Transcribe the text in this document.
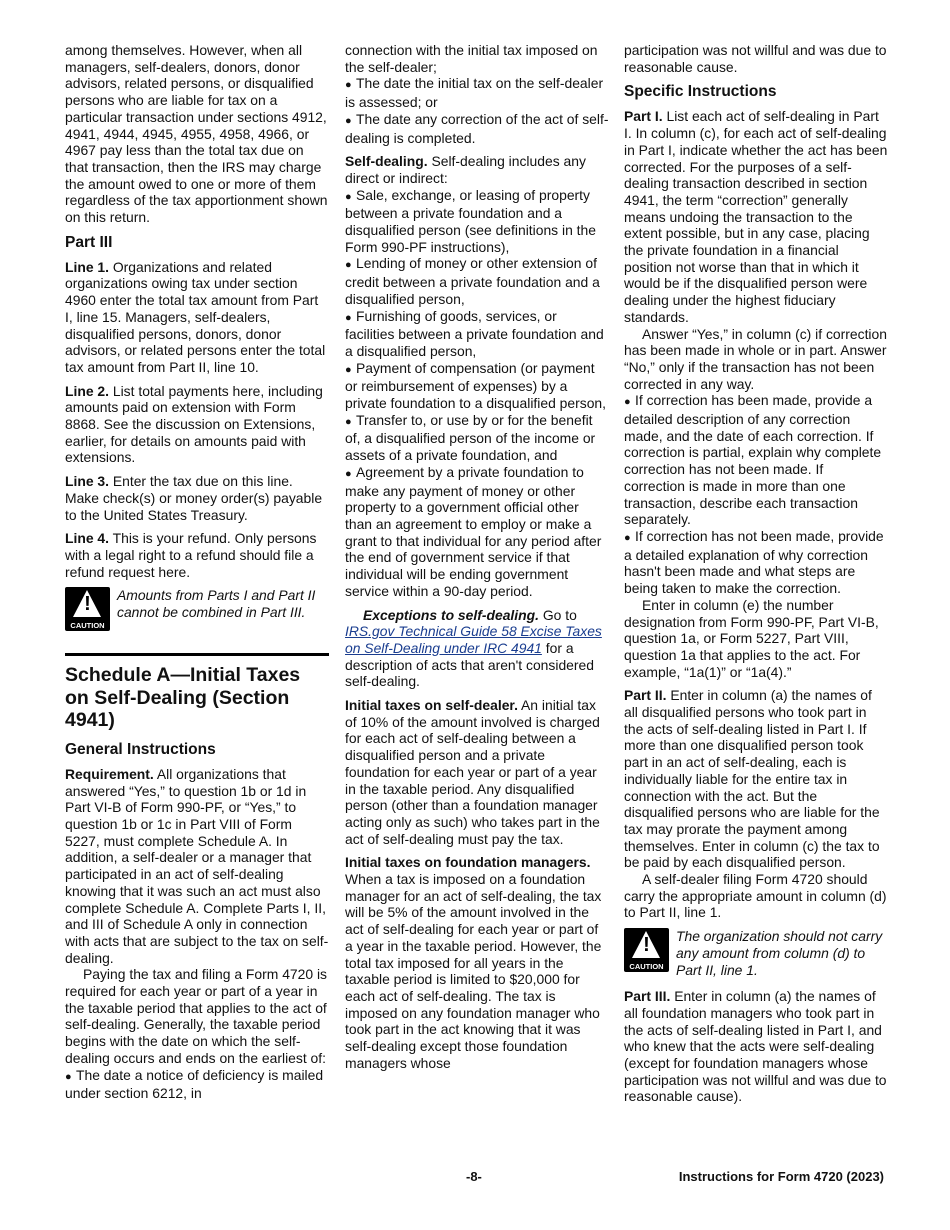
among themselves. However, when all managers, self-dealers, donors, donor advisors, related persons, or disqualified persons who are liable for tax on a particular transaction under sections 4912, 4941, 4944, 4945, 4955, 4958, 4966, or 4967 pay less than the total tax due on that transaction, then the IRS may charge the amount owed to one or more of them regardless of the tax apportionment shown on this return.
Part III
Line 1. Organizations and related organizations owing tax under section 4960 enter the total tax amount from Part I, line 15. Managers, self-dealers, disqualified persons, donors, donor advisors, or related persons enter the total tax amount from Part II, line 10.
Line 2. List total payments here, including amounts paid on extension with Form 8868. See the discussion on Extensions, earlier, for details on amounts paid with extensions.
Line 3. Enter the tax due on this line. Make check(s) or money order(s) payable to the United States Treasury.
Line 4. This is your refund. Only persons with a legal right to a refund should file a refund request here.
!
CAUTION
Amounts from Parts I and Part II cannot be combined in Part III.
Schedule A—Initial Taxes on Self-Dealing (Section 4941)
General Instructions
Requirement. All organizations that answered “Yes,” to question 1b or 1d in Part VI-B of Form 990-PF, or “Yes,” to question 1b or 1c in Part VIII of Form 5227, must complete Schedule A. In addition, a self-dealer or a manager that participated in an act of self-dealing knowing that it was such an act must also complete Schedule A. Complete Parts I, II, and III of Schedule A only in connection with acts that are subject to the tax on self-dealing.
Paying the tax and filing a Form 4720 is required for each year or part of a year in the taxable period that applies to the act of self-dealing. Generally, the taxable period begins with the date on which the self-dealing occurs and ends on the earliest of:
● The date a notice of deficiency is mailed under section 6212, in
connection with the initial tax imposed on the self-dealer;
● The date the initial tax on the self-dealer is assessed; or
● The date any correction of the act of self-dealing is completed.
Self-dealing. Self-dealing includes any direct or indirect:
● Sale, exchange, or leasing of property between a private foundation and a disqualified person (see definitions in the Form 990-PF instructions),
● Lending of money or other extension of credit between a private foundation and a disqualified person,
● Furnishing of goods, services, or facilities between a private foundation and a disqualified person,
● Payment of compensation (or payment or reimbursement of expenses) by a private foundation to a disqualified person,
● Transfer to, or use by or for the benefit of, a disqualified person of the income or assets of a private foundation, and
● Agreement by a private foundation to make any payment of money or other property to a government official other than an agreement to employ or make a grant to that individual for any period after the end of government service if that individual will be ending government service within a 90-day period.
Exceptions to self-dealing. Go to IRS.gov Technical Guide 58 Excise Taxes on Self-Dealing under IRC 4941 for a description of acts that aren't considered self-dealing.
Initial taxes on self-dealer. An initial tax of 10% of the amount involved is charged for each act of self-dealing between a disqualified person and a private foundation for each year or part of a year in the taxable period. Any disqualified person (other than a foundation manager acting only as such) who takes part in the act of self-dealing must pay the tax.
Initial taxes on foundation managers. When a tax is imposed on a foundation manager for an act of self-dealing, the tax will be 5% of the amount involved in the act of self-dealing for each year or part of a year in the taxable period. However, the total tax imposed for all years in the taxable period is limited to $20,000 for each act of self-dealing. The tax is imposed on any foundation manager who took part in the act knowing that it was self-dealing except those foundation managers whose
participation was not willful and was due to reasonable cause.
Specific Instructions
Part I. List each act of self-dealing in Part I. In column (c), for each act of self-dealing in Part I, indicate whether the act has been corrected. For the purposes of a self-dealing transaction described in section 4941, the term “correction” generally means undoing the transaction to the extent possible, but in any case, placing the private foundation in a financial position not worse than that in which it would be if the disqualified person were dealing under the highest fiduciary standards.
Answer “Yes,” in column (c) if correction has been made in whole or in part. Answer “No,” only if the transaction has not been corrected in any way.
● If correction has been made, provide a detailed description of any correction made, and the date of each correction. If correction is partial, explain why complete correction has not been made. If correction is made in more than one transaction, describe each transaction separately.
● If correction has not been made, provide a detailed explanation of why correction hasn't been made and what steps are being taken to make the correction.
Enter in column (e) the number designation from Form 990-PF, Part VI-B, question 1a, or Form 5227, Part VIII, question 1a that applies to the act. For example, “1a(1)” or “1a(4).”
Part II. Enter in column (a) the names of all disqualified persons who took part in the acts of self-dealing listed in Part I. If more than one disqualified person took part in an act of self-dealing, each is individually liable for the entire tax in connection with the act. But the disqualified persons who are liable for the tax may prorate the payment among themselves. Enter in column (c) the tax to be paid by each disqualified person.
A self-dealer filing Form 4720 should carry the appropriate amount in column (d) to Part II, line 1.
!
CAUTION
The organization should not carry any amount from column (d) to Part II, line 1.
Part III. Enter in column (a) the names of all foundation managers who took part in the acts of self-dealing listed in Part I, and who knew that the acts were self-dealing (except for foundation managers whose participation was not willful and was due to reasonable cause).
-8-	Instructions for Form 4720 (2023)
